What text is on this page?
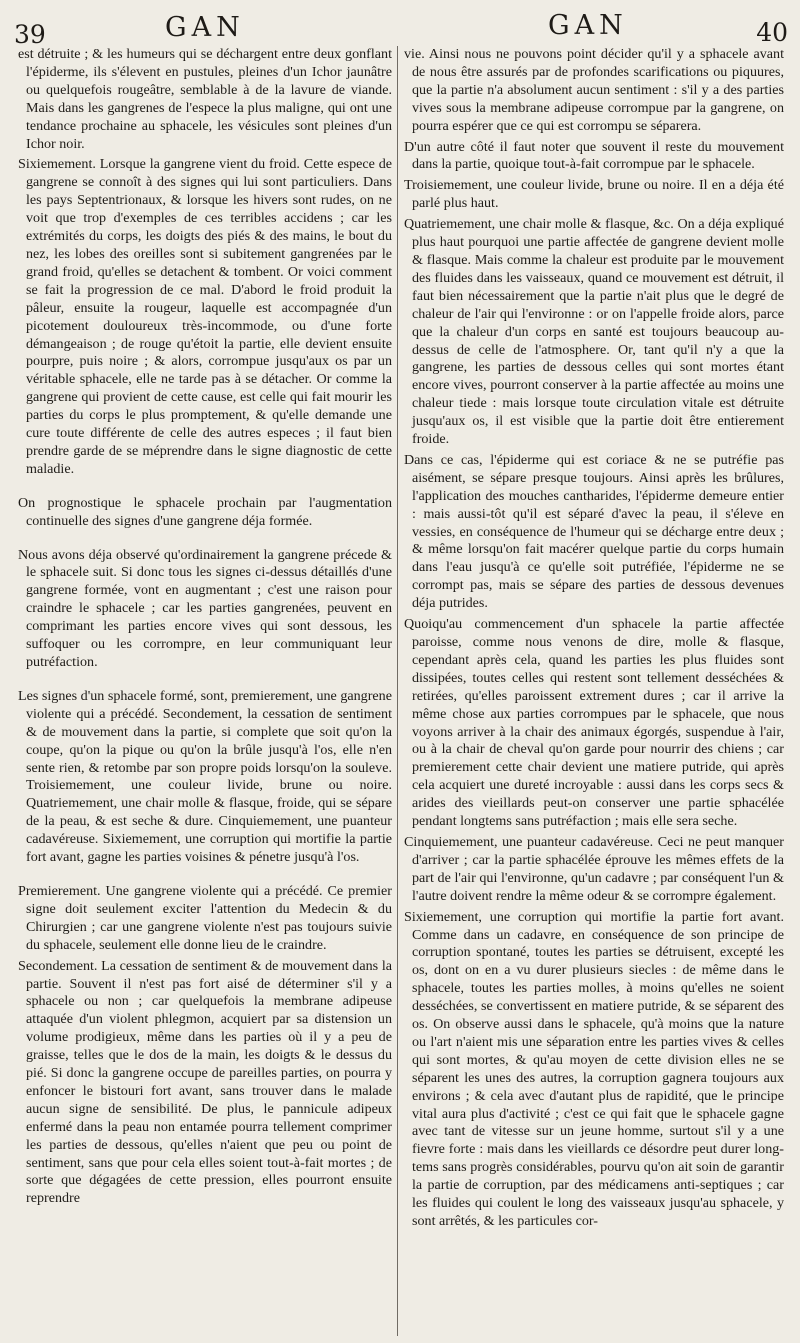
39	GAN	GAN	40

est détruite ; & les humeurs qui se déchargent entre deux gonflant l'épiderme, ils s'élevent en pustules, pleines d'un Ichor jaunâtre ou quelquefois rougeâtre, semblable à de la lavure de viande. Mais dans les gangrenes de l'espece la plus maligne, qui ont une tendance prochaine au sphacele, les vésicules sont pleines d'un Ichor noir.

Sixiemement. Lorsque la gangrene vient du froid. Cette espece de gangrene se connoît à des signes qui lui sont particuliers. Dans les pays Septentrionaux, & lorsque les hivers sont rudes, on ne voit que trop d'exemples de ces terribles accidens ; car les extrémités du corps, les doigts des piés & des mains, le bout du nez, les lobes des oreilles sont si subitement gangrenées par le grand froid, qu'elles se detachent & tombent. Or voici comment se fait la progression de ce mal. D'abord le froid produit la pâleur, ensuite la rougeur, laquelle est accompagnée d'un picotement douloureux très-incommode, ou d'une forte démangeaison ; de rouge qu'étoit la partie, elle devient ensuite pourpre, puis noire ; & alors, corrompue jusqu'aux os par un véritable sphacele, elle ne tarde pas à se détacher. Or comme la gangrene qui provient de cette cause, est celle qui fait mourir les parties du corps le plus promptement, & qu'elle demande une cure toute différente de celle des autres especes ; il faut bien prendre garde de se méprendre dans le signe diagnostic de cette maladie.

On prognostique le sphacele prochain par l'augmentation continuelle des signes d'une gangrene déja formée.

Nous avons déja observé qu'ordinairement la gangrene précede & le sphacele suit. Si donc tous les signes ci-dessus détaillés d'une gangrene formée, vont en augmentant ; c'est une raison pour craindre le sphacele ; car les parties gangrenées, peuvent en comprimant les parties encore vives qui sont dessous, les suffoquer ou les corrompre, en leur communiquant leur putréfaction.

Les signes d'un sphacele formé, sont, premierement, une gangrene violente qui a précédé. Secondement, la cessation de sentiment & de mouvement dans la partie, si complete que soit qu'on la coupe, qu'on la pique ou qu'on la brûle jusqu'à l'os, elle n'en sente rien, & retombe par son propre poids lorsqu'on la souleve. Troisiemement, une couleur livide, brune ou noire. Quatriemement, une chair molle & flasque, froide, qui se sépare de la peau, & est seche & dure. Cinquiemement, une puanteur cadavéreuse. Sixiemement, une corruption qui mortifie la partie fort avant, gagne les parties voisines & pénetre jusqu'à l'os.

Premierement. Une gangrene violente qui a précédé. Ce premier signe doit seulement exciter l'attention du Medecin & du Chirurgien ; car une gangrene violente n'est pas toujours suivie du sphacele, seulement elle donne lieu de le craindre.

Secondement. La cessation de sentiment & de mouvement dans la partie. Souvent il n'est pas fort aisé de déterminer s'il y a sphacele ou non ; car quelquefois la membrane adipeuse attaquée d'un violent phlegmon, acquiert par sa distension un volume prodigieux, même dans les parties où il y a peu de graisse, telles que le dos de la main, les doigts & le dessus du pié. Si donc la gangrene occupe de pareilles parties, on pourra y enfoncer le bistouri fort avant, sans trouver dans le malade aucun signe de sensibilité. De plus, le pannicule adipeux enfermé dans la peau non entamée pourra tellement comprimer les parties de dessous, qu'elles n'aient que peu ou point de sentiment, sans que pour cela elles soient tout-à-fait mortes ; de sorte que dégagées de cette pression, elles pourront ensuite reprendre

vie. Ainsi nous ne pouvons point décider qu'il y a sphacele avant de nous être assurés par de profondes scarifications ou piquures, que la partie n'a absolument aucun sentiment : s'il y a des parties vives sous la membrane adipeuse corrompue par la gangrene, on pourra espérer que ce qui est corrompu se séparera.

D'un autre côté il faut noter que souvent il reste du mouvement dans la partie, quoique tout-à-fait corrompue par le sphacele.

Troisiemement, une couleur livide, brune ou noire. Il en a déja été parlé plus haut.

Quatriemement, une chair molle & flasque, &c. On a déja expliqué plus haut pourquoi une partie affectée de gangrene devient molle & flasque. Mais comme la chaleur est produite par le mouvement des fluides dans les vaisseaux, quand ce mouvement est détruit, il faut bien nécessairement que la partie n'ait plus que le degré de chaleur de l'air qui l'environne : or on l'appelle froide alors, parce que la chaleur d'un corps en santé est toujours beaucoup au-dessus de celle de l'atmosphere. Or, tant qu'il n'y a que la gangrene, les parties de dessous celles qui sont mortes étant encore vives, pourront conserver à la partie affectée au moins une chaleur tiede : mais lorsque toute circulation vitale est détruite jusqu'aux os, il est visible que la partie doit être entierement froide.

Dans ce cas, l'épiderme qui est coriace & ne se putréfie pas aisément, se sépare presque toujours. Ainsi après les brûlures, l'application des mouches cantharides, l'épiderme demeure entier : mais aussi-tôt qu'il est séparé d'avec la peau, il s'éleve en vessies, en conséquence de l'humeur qui se décharge entre deux ; & même lorsqu'on fait macérer quelque partie du corps humain dans l'eau jusqu'à ce qu'elle soit putréfiée, l'épiderme ne se corrompt pas, mais se sépare des parties de dessous devenues déja putrides.

Quoiqu'au commencement d'un sphacele la partie affectée paroisse, comme nous venons de dire, molle & flasque, cependant après cela, quand les parties les plus fluides sont dissipées, toutes celles qui restent sont tellement desséchées & retirées, qu'elles paroissent extrement dures ; car il arrive la même chose aux parties corrompues par le sphacele, que nous voyons arriver à la chair des animaux égorgés, suspendue à l'air, ou à la chair de cheval qu'on garde pour nourrir des chiens ; car premierement cette chair devient une matiere putride, qui après cela acquiert une dureté incroyable : aussi dans les corps secs & arides des vieillards peut-on conserver une partie sphacélée pendant longtems sans putréfaction ; mais elle sera seche.

Cinquiemement, une puanteur cadavéreuse. Ceci ne peut manquer d'arriver ; car la partie sphacélée éprouve les mêmes effets de la part de l'air qui l'environne, qu'un cadavre ; par conséquent l'un & l'autre doivent rendre la même odeur & se corrompre également.

Sixiemement, une corruption qui mortifie la partie fort avant. Comme dans un cadavre, en conséquence de son principe de corruption spontané, toutes les parties se détruisent, excepté les os, dont on en a vu durer plusieurs siecles : de même dans le sphacele, toutes les parties molles, à moins qu'elles ne soient desséchées, se convertissent en matiere putride, & se séparent des os. On observe aussi dans le sphacele, qu'à moins que la nature ou l'art n'aient mis une séparation entre les parties vives & celles qui sont mortes, & qu'au moyen de cette division elles ne se séparent les unes des autres, la corruption gagnera toujours aux environs ; & cela avec d'autant plus de rapidité, que le principe vital aura plus d'activité ; c'est ce qui fait que le sphacele gagne avec tant de vitesse sur un jeune homme, surtout s'il y a une fievre forte : mais dans les vieillards ce désordre peut durer long-tems sans progrès considérables, pourvu qu'on ait soin de garantir la partie de corruption, par des médicamens anti-septiques ; car les fluides qui coulent le long des vaisseaux jusqu'au sphacele, y sont arrêtés, & les particules cor-
